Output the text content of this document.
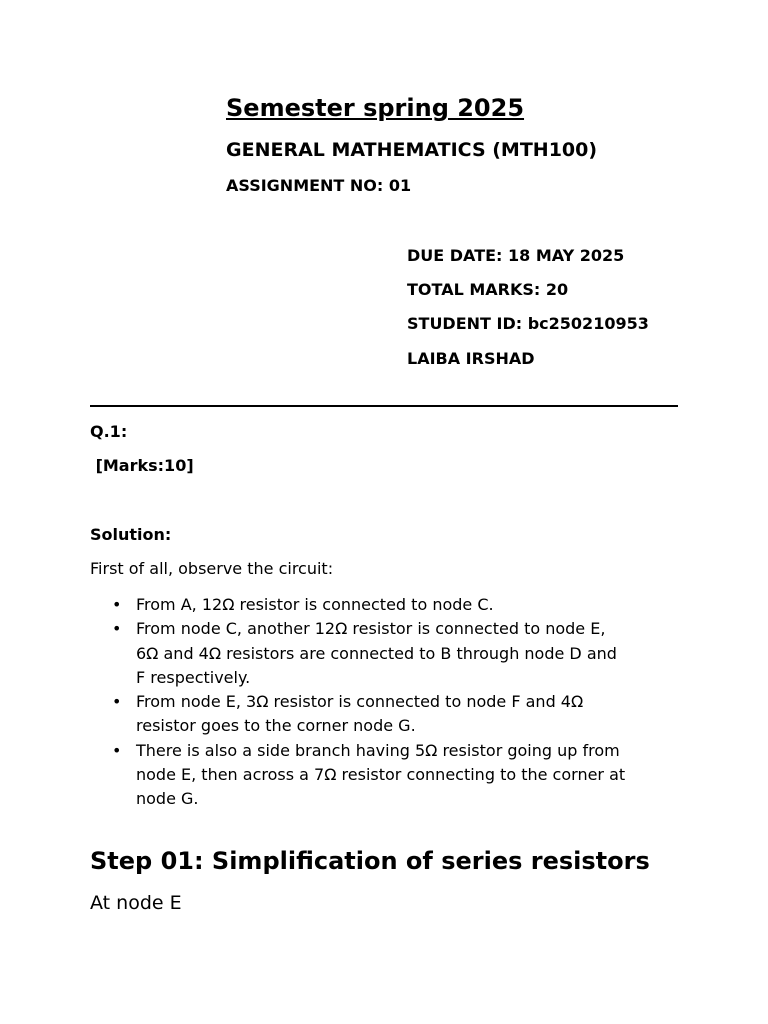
Semester spring 2025
GENERAL MATHEMATICS (MTH100)
ASSIGNMENT NO: 01
DUE DATE: 18 MAY 2025
TOTAL MARKS: 20
STUDENT ID: bc250210953
LAIBA IRSHAD
Q.1:
[Marks:10]
Solution:
First of all, observe the circuit:
• From A, 12Ω resistor is connected to node C.
• From node C, another 12Ω resistor is connected to node E,
6Ω and 4Ω resistors are connected to B through node D and
F respectively.
• From node E, 3Ω resistor is connected to node F and 4Ω
resistor goes to the corner node G.
• There is also a side branch having 5Ω resistor going up from
node E, then across a 7Ω resistor connecting to the corner at
node G.
Step 01: Simplification of series resistors
At node E
